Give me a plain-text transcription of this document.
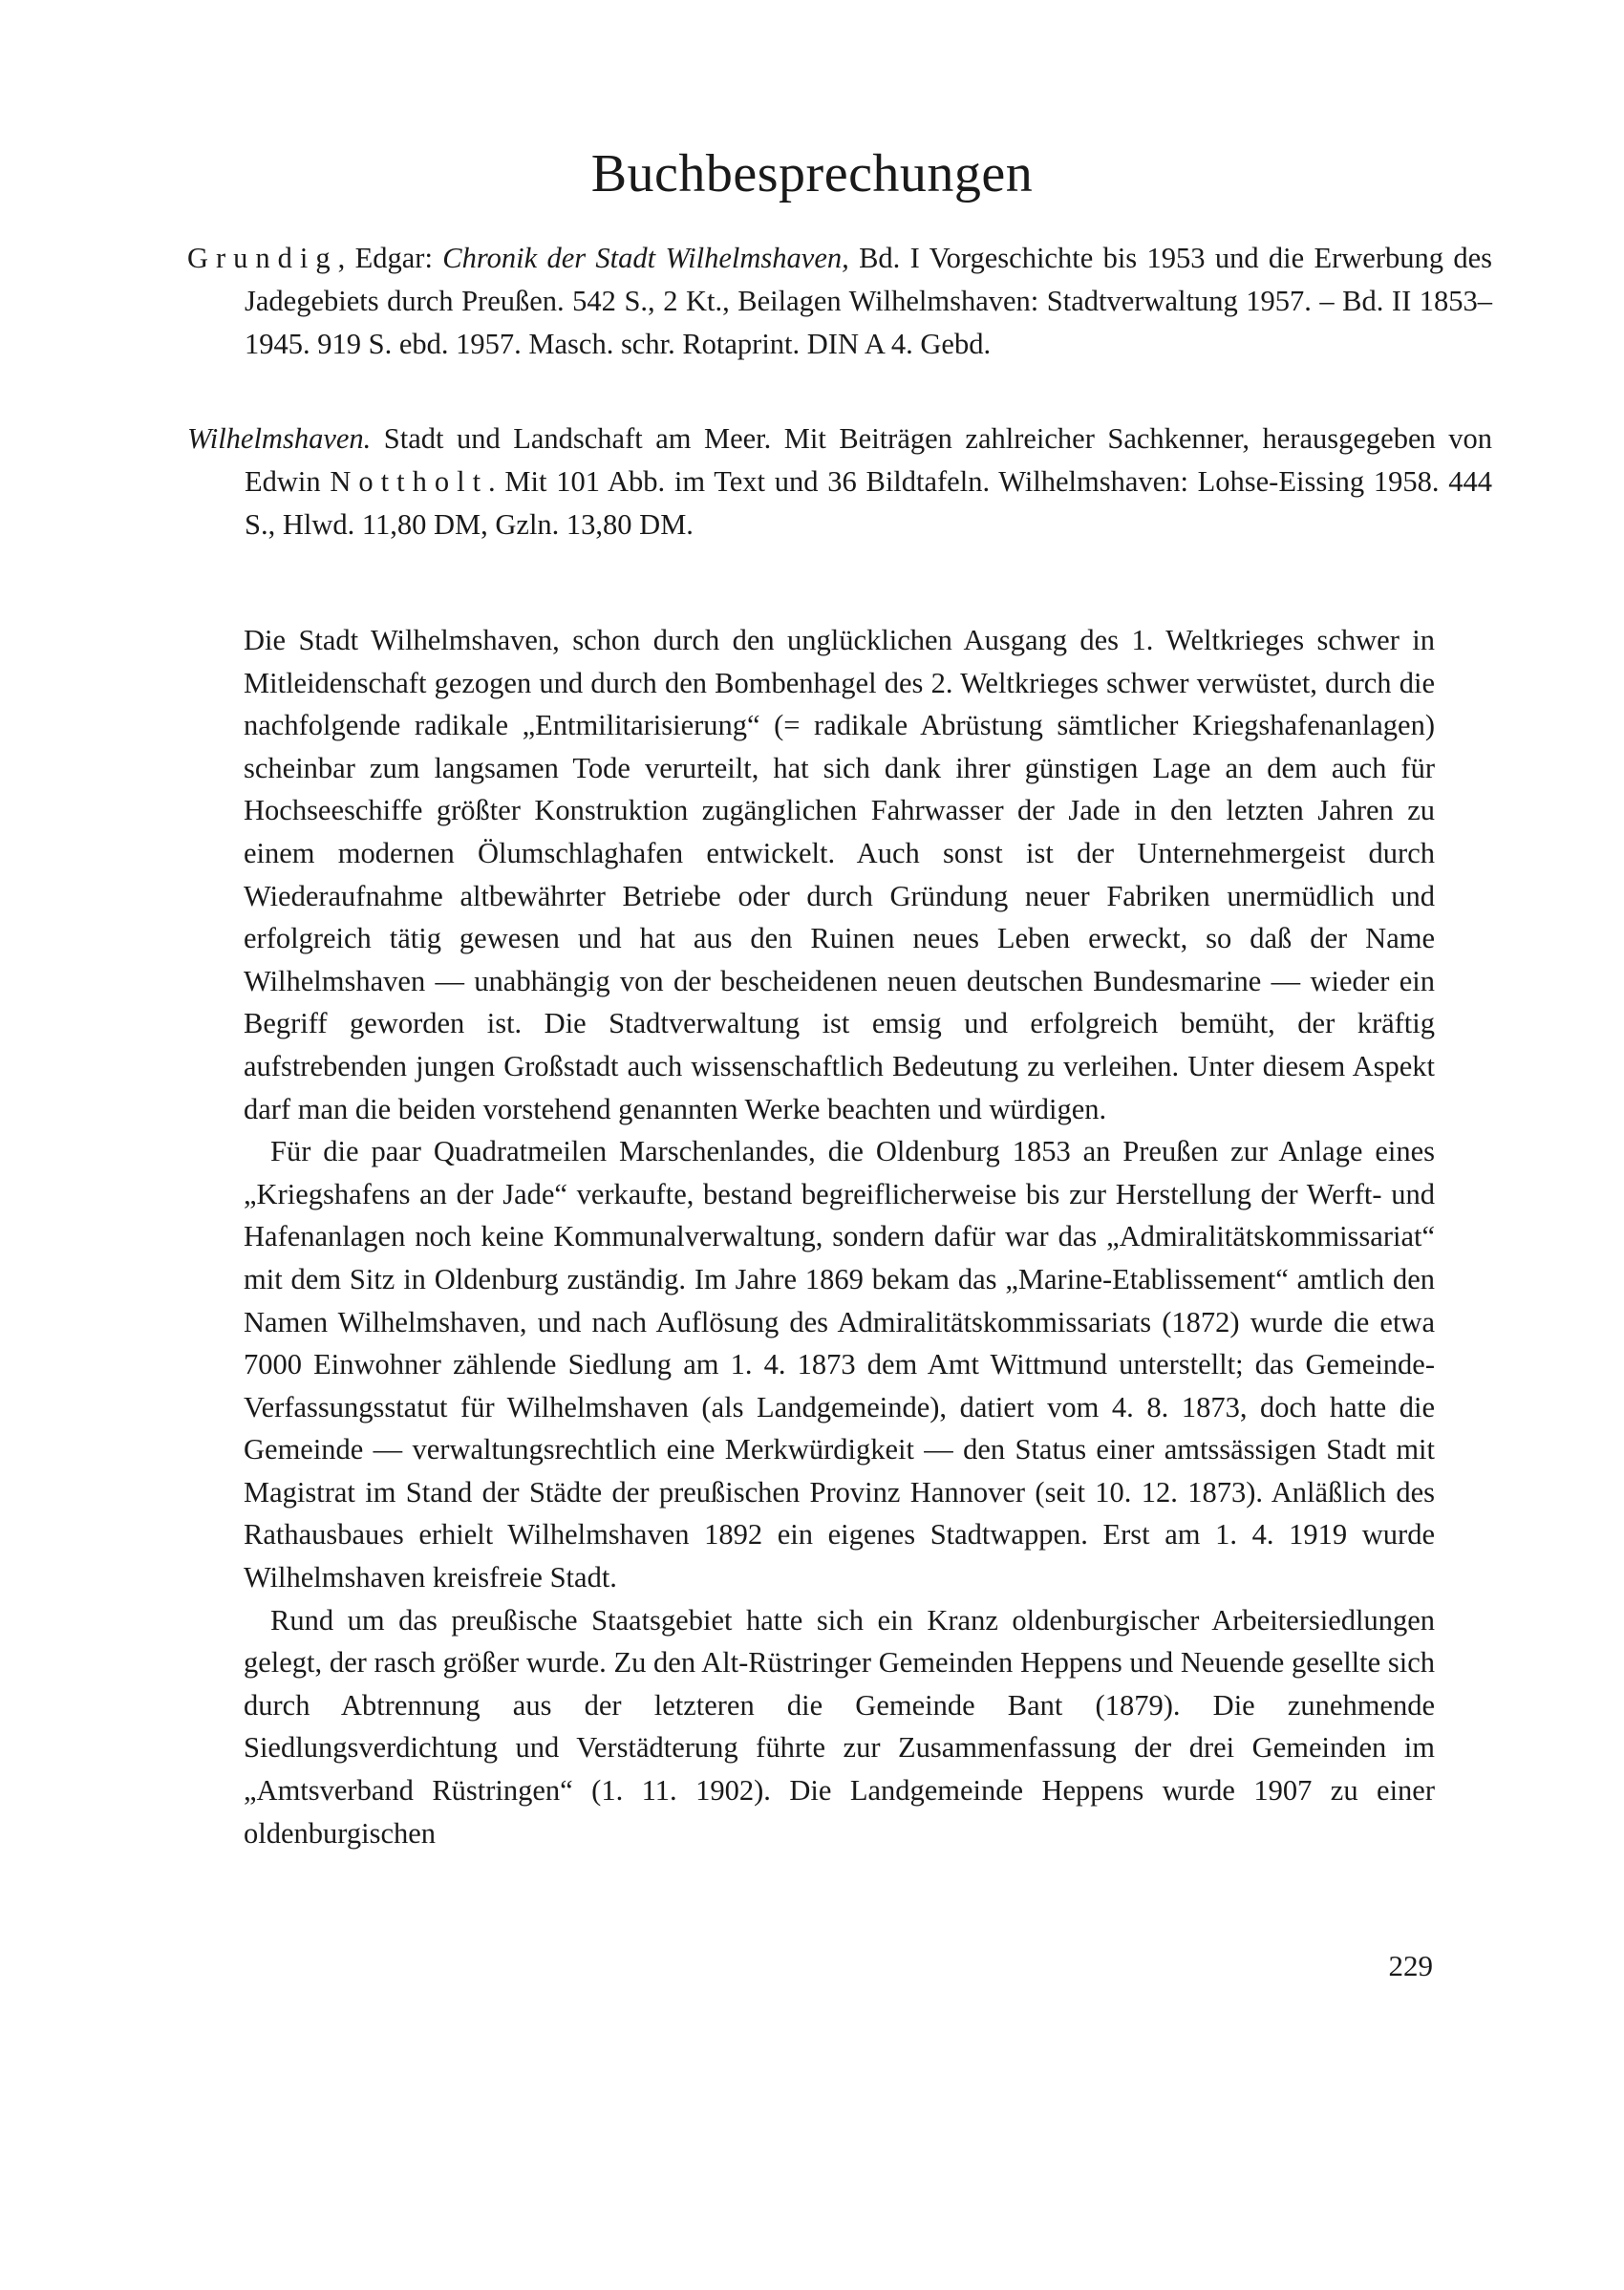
Buchbesprechungen

Grundig, Edgar: Chronik der Stadt Wilhelmshaven, Bd. I Vorgeschichte bis 1953 und die Erwerbung des Jadegebiets durch Preußen. 542 S., 2 Kt., Beilagen Wilhelmshaven: Stadtverwaltung 1957. – Bd. II 1853–1945. 919 S. ebd. 1957. Masch. schr. Rotaprint. DIN A 4. Gebd.

Wilhelmshaven. Stadt und Landschaft am Meer. Mit Beiträgen zahlreicher Sachkenner, herausgegeben von Edwin Nottholt. Mit 101 Abb. im Text und 36 Bildtafeln. Wilhelmshaven: Lohse-Eissing 1958. 444 S., Hlwd. 11,80 DM, Gzln. 13,80 DM.

Die Stadt Wilhelmshaven, schon durch den unglücklichen Ausgang des 1. Weltkrieges schwer in Mitleidenschaft gezogen und durch den Bombenhagel des 2. Weltkrieges schwer verwüstet, durch die nachfolgende radikale „Entmilitarisierung“ (= radikale Abrüstung sämtlicher Kriegshafenanlagen) scheinbar zum langsamen Tode verurteilt, hat sich dank ihrer günstigen Lage an dem auch für Hochseeschiffe größter Konstruktion zugänglichen Fahrwasser der Jade in den letzten Jahren zu einem modernen Ölumschlaghafen entwickelt. Auch sonst ist der Unternehmergeist durch Wiederaufnahme altbewährter Betriebe oder durch Gründung neuer Fabriken unermüdlich und erfolgreich tätig gewesen und hat aus den Ruinen neues Leben erweckt, so daß der Name Wilhelmshaven — unabhängig von der bescheidenen neuen deutschen Bundesmarine — wieder ein Begriff geworden ist. Die Stadtverwaltung ist emsig und erfolgreich bemüht, der kräftig aufstrebenden jungen Großstadt auch wissenschaftlich Bedeutung zu verleihen. Unter diesem Aspekt darf man die beiden vorstehend genannten Werke beachten und würdigen.

Für die paar Quadratmeilen Marschenlandes, die Oldenburg 1853 an Preußen zur Anlage eines „Kriegshafens an der Jade“ verkaufte, bestand begreiflicherweise bis zur Herstellung der Werft- und Hafenanlagen noch keine Kommunalverwaltung, sondern dafür war das „Admiralitätskommissariat“ mit dem Sitz in Oldenburg zuständig. Im Jahre 1869 bekam das „Marine-Etablissement“ amtlich den Namen Wilhelmshaven, und nach Auflösung des Admiralitätskommissariats (1872) wurde die etwa 7000 Einwohner zählende Siedlung am 1. 4. 1873 dem Amt Wittmund unterstellt; das Gemeinde-Verfassungsstatut für Wilhelmshaven (als Landgemeinde), datiert vom 4. 8. 1873, doch hatte die Gemeinde — verwaltungsrechtlich eine Merkwürdigkeit — den Status einer amtssässigen Stadt mit Magistrat im Stand der Städte der preußischen Provinz Hannover (seit 10. 12. 1873). Anläßlich des Rathausbaues erhielt Wilhelmshaven 1892 ein eigenes Stadtwappen. Erst am 1. 4. 1919 wurde Wilhelmshaven kreisfreie Stadt.

Rund um das preußische Staatsgebiet hatte sich ein Kranz oldenburgischer Arbeitersiedlungen gelegt, der rasch größer wurde. Zu den Alt-Rüstringer Gemeinden Heppens und Neuende gesellte sich durch Abtrennung aus der letzteren die Gemeinde Bant (1879). Die zunehmende Siedlungsverdichtung und Verstädterung führte zur Zusammenfassung der drei Gemeinden im „Amtsverband Rüstringen“ (1. 11. 1902). Die Landgemeinde Heppens wurde 1907 zu einer oldenburgischen

229
